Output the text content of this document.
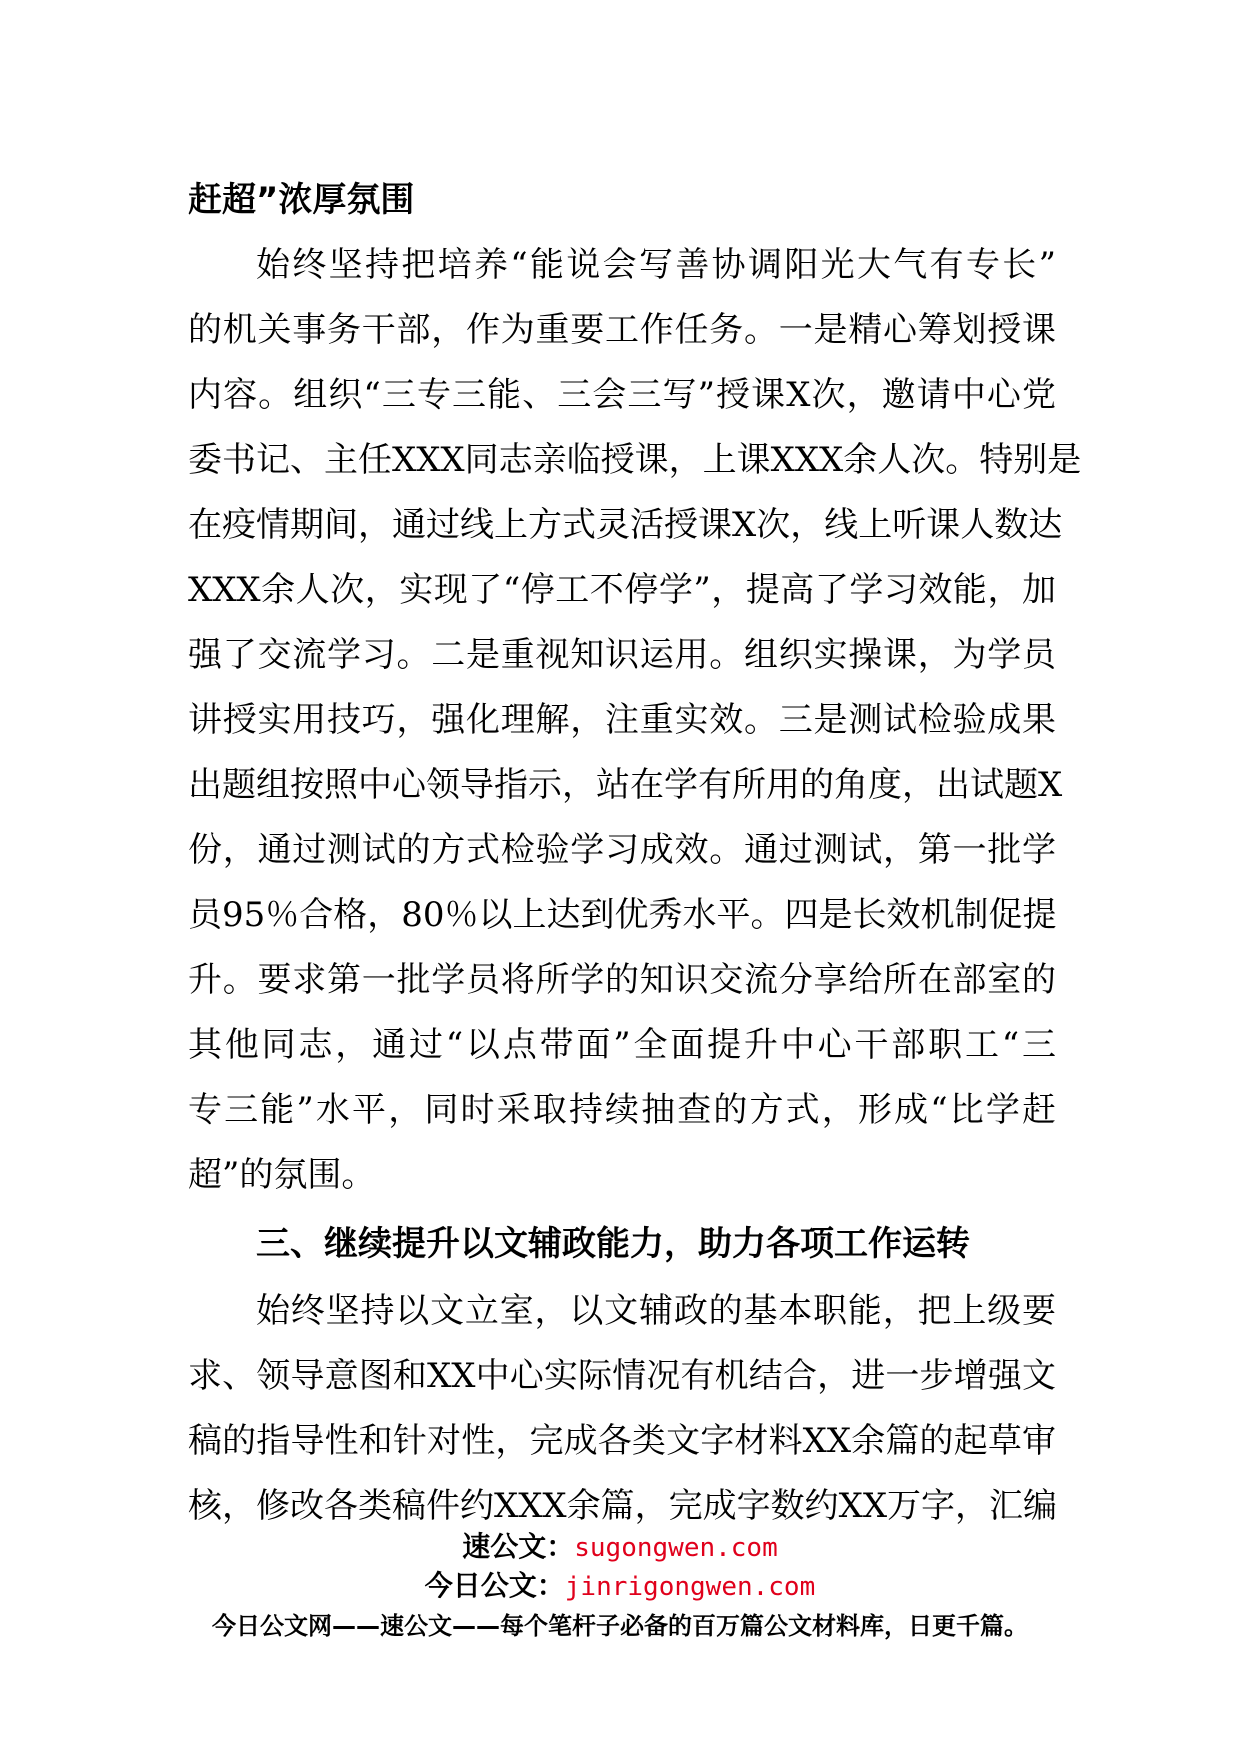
赶超”浓厚氛围
始终坚持把培养“能说会写善协调阳光大气有专长”
的机关事务干部，作为重要工作任务。一是精心筹划授课
内容。组织“三专三能、三会三写”授课X次，邀请中心党
委书记、主任XXX同志亲临授课，上课XXX余人次。特别是
在疫情期间，通过线上方式灵活授课X次，线上听课人数达
XXX余人次，实现了“停工不停学”，提高了学习效能，加
强了交流学习。二是重视知识运用。组织实操课，为学员
讲授实用技巧，强化理解，注重实效。三是测试检验成果
出题组按照中心领导指示，站在学有所用的角度，出试题X
份，通过测试的方式检验学习成效。通过测试，第一批学
员95％合格，80％以上达到优秀水平。四是长效机制促提
升。要求第一批学员将所学的知识交流分享给所在部室的
其他同志，通过“以点带面”全面提升中心干部职工“三
专三能”水平，同时采取持续抽查的方式，形成“比学赶
超”的氛围。
三、继续提升以文辅政能力，助力各项工作运转
始终坚持以文立室，以文辅政的基本职能，把上级要
求、领导意图和XX中心实际情况有机结合，进一步增强文
稿的指导性和针对性，完成各类文字材料XX余篇的起草审
核，修改各类稿件约XXX余篇，完成字数约XX万字，汇编
速公文：sugongwen.com
今日公文：jinrigongwen.com
今日公文网——速公文——每个笔杆子必备的百万篇公文材料库，日更千篇。
